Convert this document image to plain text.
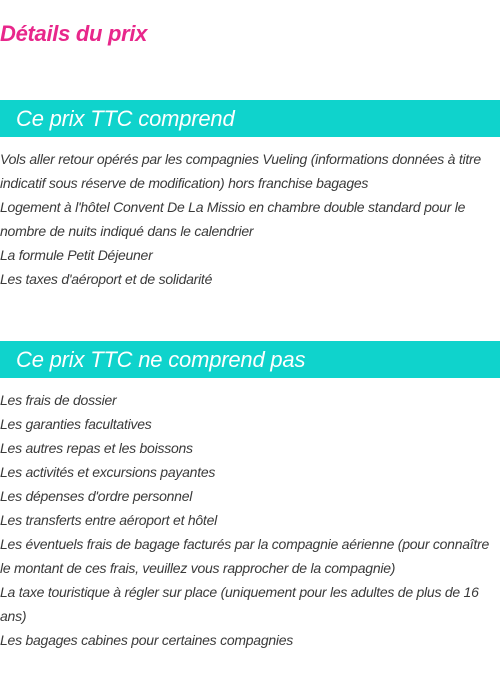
Détails du prix
Ce prix TTC comprend
Vols aller retour opérés par les compagnies Vueling (informations données à titre indicatif sous réserve de modification) hors franchise bagages
Logement à l'hôtel Convent De La Missio en chambre double standard pour le nombre de nuits indiqué dans le calendrier
La formule Petit Déjeuner
Les taxes d'aéroport et de solidarité
Ce prix TTC ne comprend pas
Les frais de dossier
Les garanties facultatives
Les autres repas et les boissons
Les activités et excursions payantes
Les dépenses d'ordre personnel
Les transferts entre aéroport et hôtel
Les éventuels frais de bagage facturés par la compagnie aérienne (pour connaître le montant de ces frais, veuillez vous rapprocher de la compagnie)
La taxe touristique à régler sur place (uniquement pour les adultes de plus de 16 ans)
Les bagages cabines pour certaines compagnies
